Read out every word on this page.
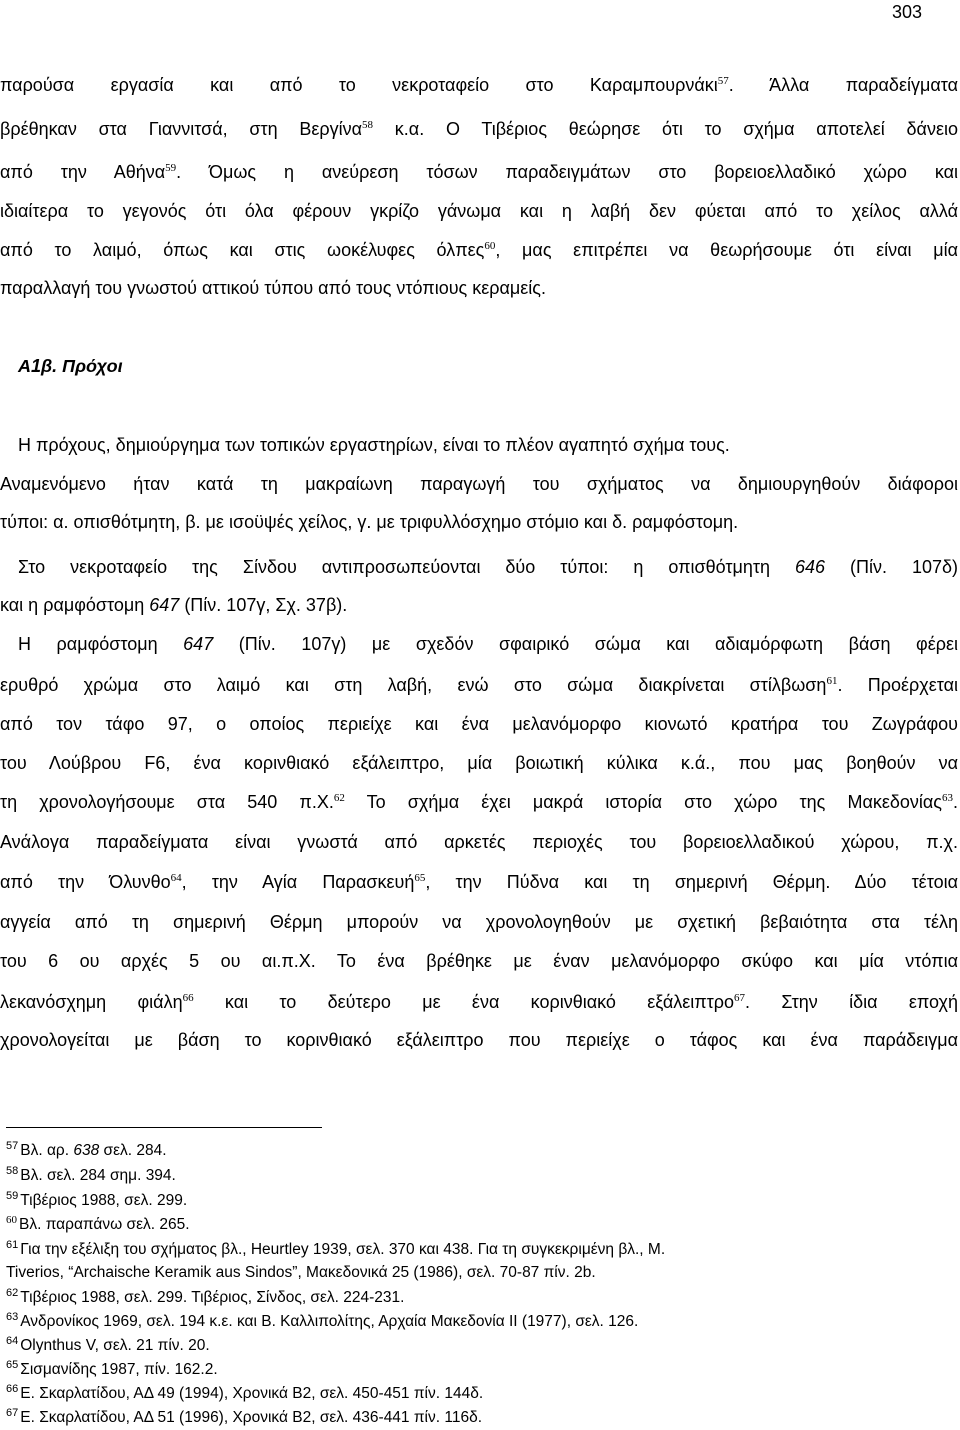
303
παρούσα εργασία και από το νεκροταφείο στο Καραμπουρνάκι$^{57}$. Άλλα παραδείγματα
βρέθηκαν στα Γιαννιτσά, στη Βεργίνα$^{58}$ κ.α. Ο Τιβέριος θεώρησε ότι το σχήμα αποτελεί δάνειο
από την Αθήνα$^{59}$. Όμως η ανεύρεση τόσων παραδειγμάτων στο βορειοελλαδικό χώρο και
ιδιαίτερα το γεγονός ότι όλα φέρουν γκρίζο γάνωμα και η λαβή δεν φύεται από το χείλος αλλά
από το λαιμό, όπως και στις ωοκέλυφες όλπες$^{60}$, μας επιτρέπει να θεωρήσουμε ότι είναι μία
παραλλαγή του γνωστού αττικού τύπου από τους ντόπιους κεραμείς.
Α1β. Πρόχοι
Η πρόχους, δημιούργημα των τοπικών εργαστηρίων, είναι το πλέον αγαπητό σχήμα τους.
Αναμενόμενο ήταν κατά τη μακραίωνη παραγωγή του σχήματος να δημιουργηθούν διάφοροι
τύποι: α. οπισθότμητη, β. με ισοϋψές χείλος, γ. με τριφυλλόσχημο στόμιο και δ. ραμφόστομη.
Στο νεκροταφείο της Σίνδου αντιπροσωπεύονται δύο τύποι: η οπισθότμητη 646 (Πίν. 107δ)
και η ραμφόστομη 647 (Πίν. 107γ, Σχ. 37β).
Η ραμφόστομη 647 (Πίν. 107γ) με σχεδόν σφαιρικό σώμα και αδιαμόρφωτη βάση φέρει
ερυθρό χρώμα στο λαιμό και στη λαβή, ενώ στο σώμα διακρίνεται στίλβωση$^{61}$. Προέρχεται
από τον τάφο 97, ο οποίος περιείχε και ένα μελανόμορφο κιονωτό κρατήρα του Ζωγράφου
του Λούβρου F6, ένα κορινθιακό εξάλειπτρο, μία βοιωτική κύλικα κ.ά., που μας βοηθούν να
τη χρονολογήσουμε στα 540 π.Χ.$^{62}$ Το σχήμα έχει μακρά ιστορία στο χώρο της Μακεδονίας$^{63}$.
Ανάλογα παραδείγματα είναι γνωστά από αρκετές περιοχές του βορειοελλαδικού χώρου, π.χ.
από την Όλυνθο$^{64}$, την Αγία Παρασκευή$^{65}$, την Πύδνα και τη σημερινή Θέρμη. Δύο τέτοια
αγγεία από τη σημερινή Θέρμη μπορούν να χρονολογηθούν με σχετική βεβαιότητα στα τέλη
του 6 ου αρχές 5 ου αι.π.Χ. Το ένα βρέθηκε με έναν μελανόμορφο σκύφο και μία ντόπια
λεκανόσχημη φιάλη$^{66}$ και το δεύτερο με ένα κορινθιακό εξάλειπτρο$^{67}$. Στην ίδια εποχή
χρονολογείται με βάση το κορινθιακό εξάλειπτρο που περιείχε ο τάφος και ένα παράδειγμα
$^{57}$ Βλ. αρ. 638 σελ. 284.
$^{58}$ Βλ. σελ. 284 σημ. 394.
$^{59}$ Τιβέριος 1988, σελ. 299.
$^{60}$ Βλ. παραπάνω σελ. 265.
$^{61}$ Για την εξέλιξη του σχήματος βλ., Heurtley 1939, σελ. 370 και 438. Για τη συγκεκριμένη βλ., M.
Tiverios, “Archaische Keramik aus Sindos”, Μακεδονικά 25 (1986), σελ. 70-87 πίν. 2b.
$^{62}$ Τιβέριος 1988, σελ. 299. Τιβέριος, Σίνδος, σελ. 224-231.
$^{63}$ Ανδρονίκος 1969, σελ. 194 κ.ε. και Β. Καλλιπολίτης, Αρχαία Μακεδονία ΙΙ (1977), σελ. 126.
$^{64}$ Olynthus V, σελ. 21 πίν. 20.
$^{65}$ Σισμανίδης 1987, πίν. 162.2.
$^{66}$ Ε. Σκαρλατίδου, ΑΔ 49 (1994), Χρονικά Β2, σελ. 450-451 πίν. 144δ.
$^{67}$ Ε. Σκαρλατίδου, ΑΔ 51 (1996), Χρονικά Β2, σελ. 436-441 πίν. 116δ.
